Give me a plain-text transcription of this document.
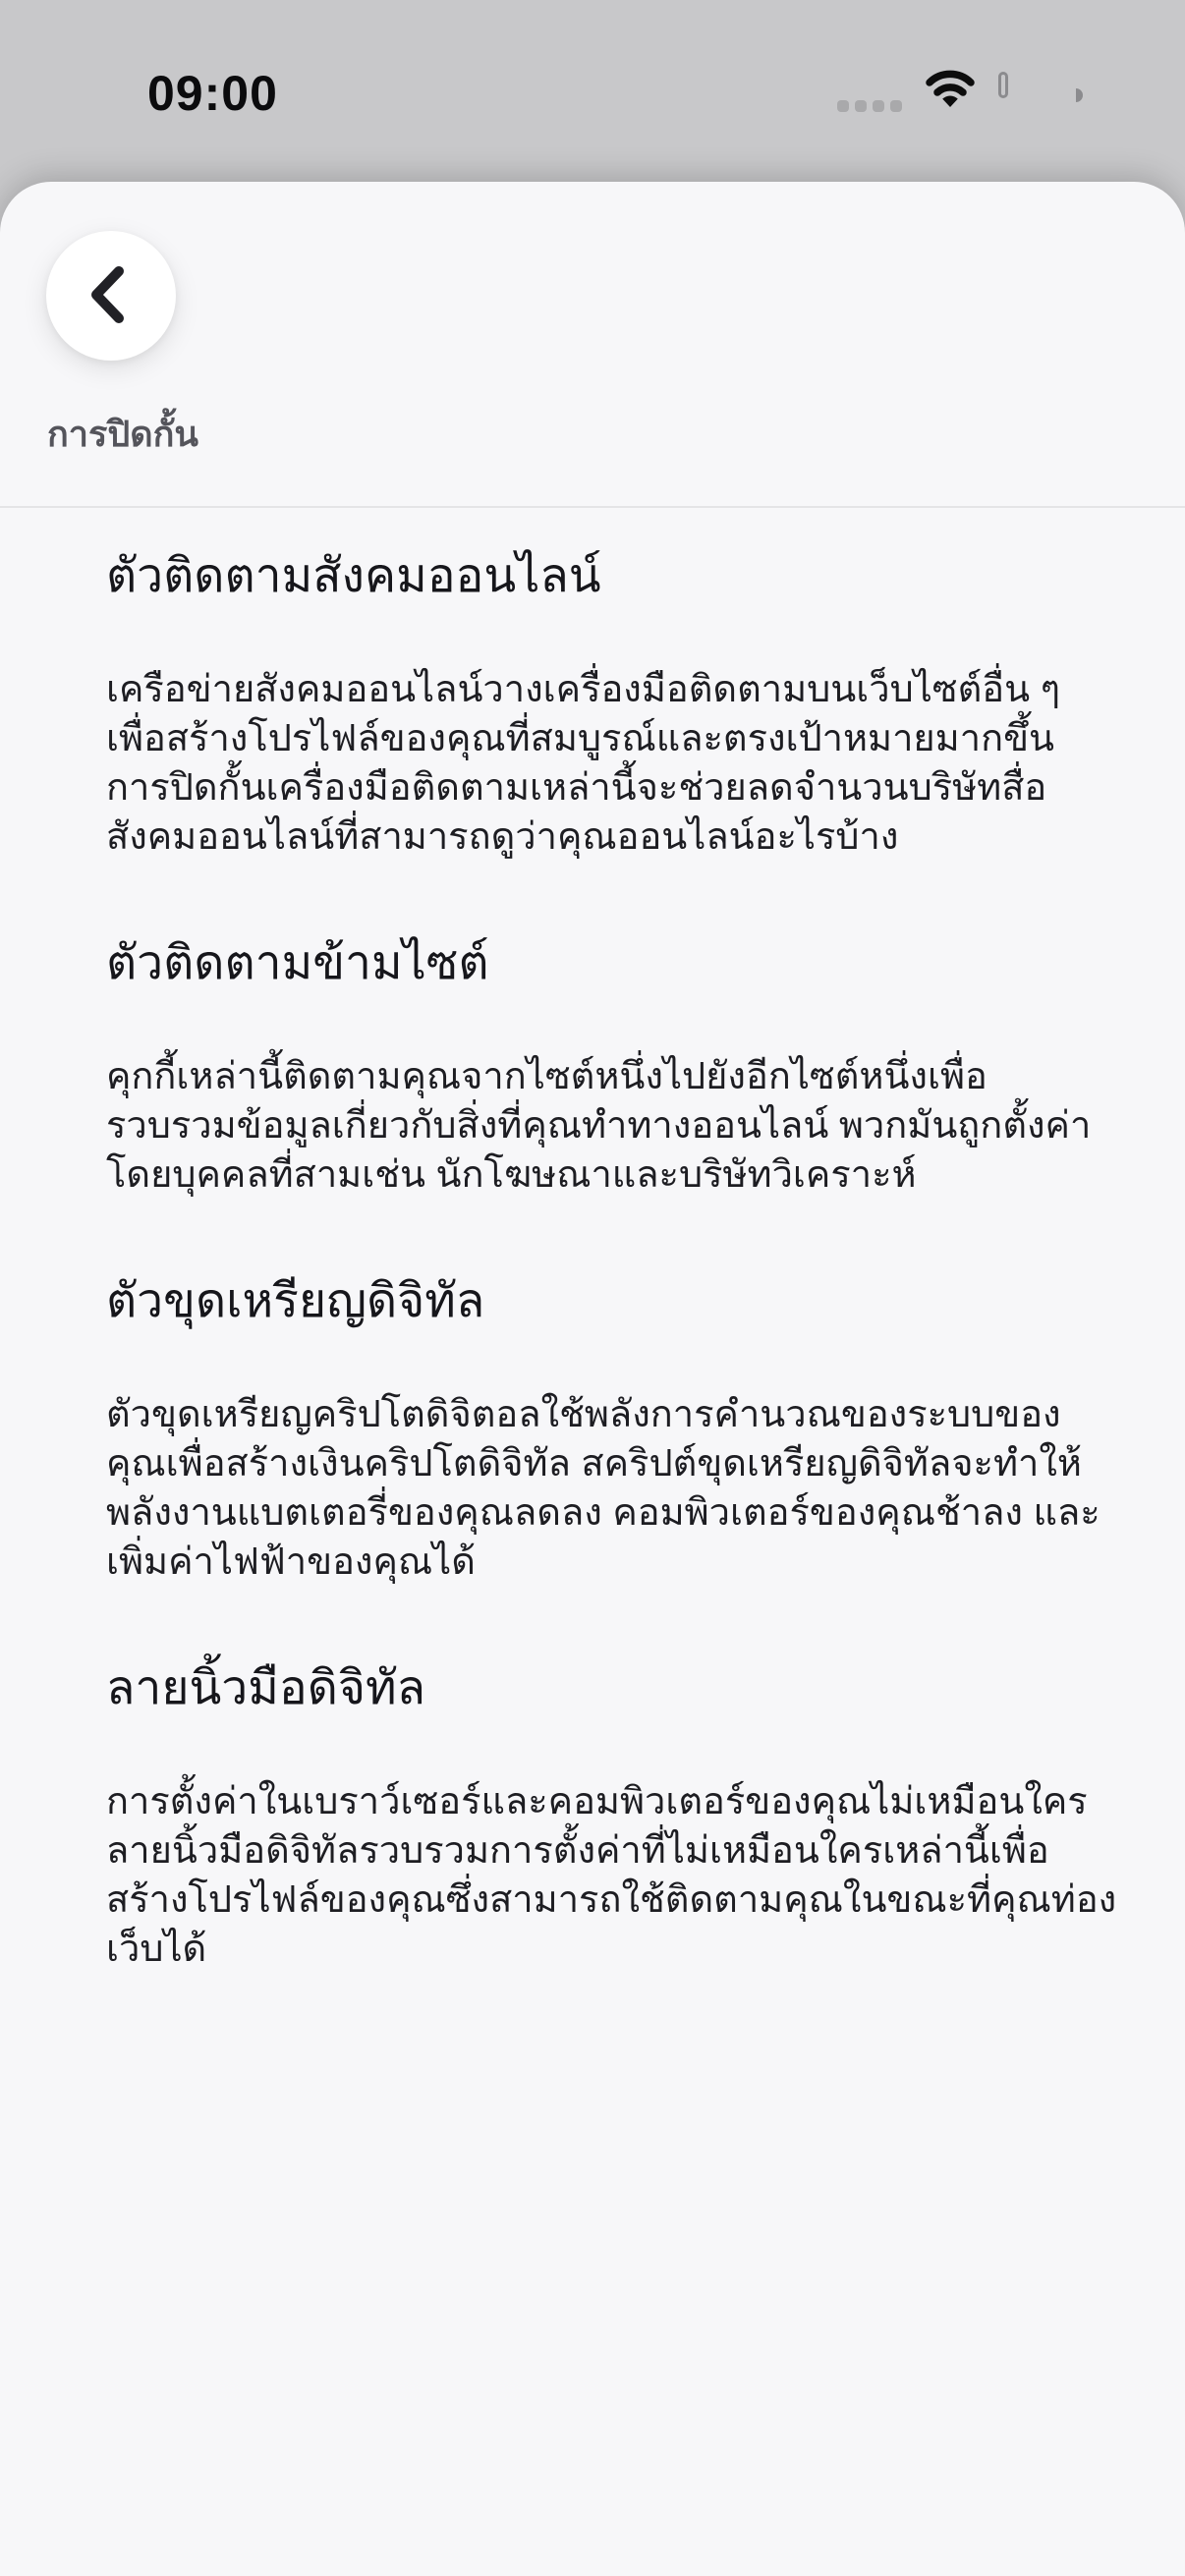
09:00
การปิดกั้น
ตัวติดตามสังคมออนไลน์
เครือข่ายสังคมออนไลน์วางเครื่องมือติดตามบนเว็บไซต์อื่น ๆ
เพื่อสร้างโปรไฟล์ของคุณที่สมบูรณ์และตรงเป้าหมายมากขึ้น
การปิดกั้นเครื่องมือติดตามเหล่านี้จะช่วยลดจำนวนบริษัทสื่อ
สังคมออนไลน์ที่สามารถดูว่าคุณออนไลน์อะไรบ้าง
ตัวติดตามข้ามไซต์
คุกกี้เหล่านี้ติดตามคุณจากไซต์หนึ่งไปยังอีกไซต์หนึ่งเพื่อ
รวบรวมข้อมูลเกี่ยวกับสิ่งที่คุณทำทางออนไลน์ พวกมันถูกตั้งค่า
โดยบุคคลที่สามเช่น นักโฆษณาและบริษัทวิเคราะห์
ตัวขุดเหรียญดิจิทัล
ตัวขุดเหรียญคริปโตดิจิตอลใช้พลังการคำนวณของระบบของ
คุณเพื่อสร้างเงินคริปโตดิจิทัล สคริปต์ขุดเหรียญดิจิทัลจะทำให้
พลังงานแบตเตอรี่ของคุณลดลง คอมพิวเตอร์ของคุณช้าลง และ
เพิ่มค่าไฟฟ้าของคุณได้
ลายนิ้วมือดิจิทัล
การตั้งค่าในเบราว์เซอร์และคอมพิวเตอร์ของคุณไม่เหมือนใคร
ลายนิ้วมือดิจิทัลรวบรวมการตั้งค่าที่ไม่เหมือนใครเหล่านี้เพื่อ
สร้างโปรไฟล์ของคุณซึ่งสามารถใช้ติดตามคุณในขณะที่คุณท่อง
เว็บได้
